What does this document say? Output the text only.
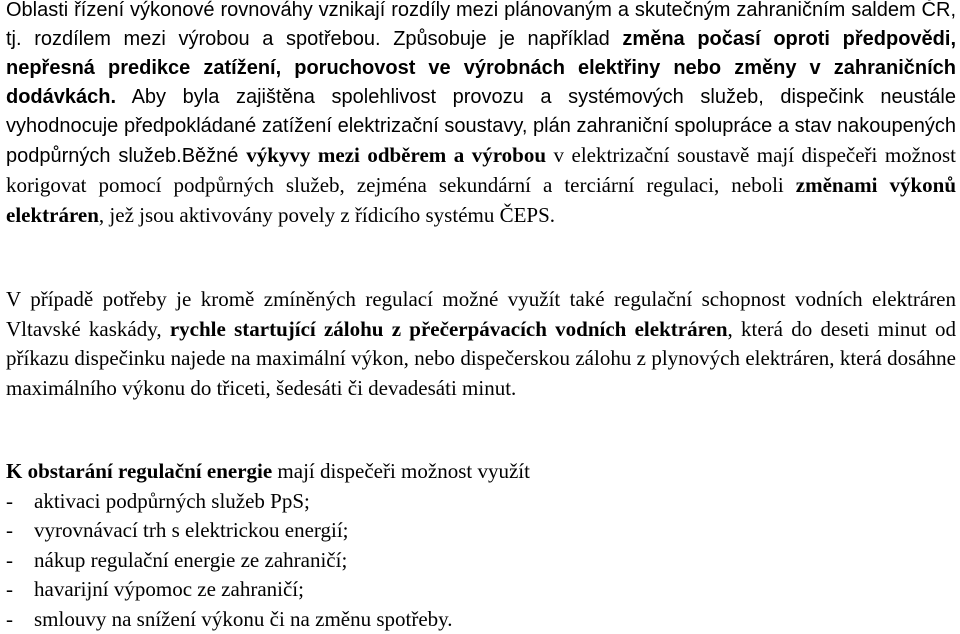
Oblasti řízení výkonové rovnováhy vznikají rozdíly mezi plánovaným a skutečným zahraničním saldem ČR, tj. rozdílem mezi výrobou a spotřebou. Způsobuje je například změna počasí oproti předpovědi, nepřesná predikce zatížení, poruchovost ve výrobnách elektřiny nebo změny v zahraničních dodávkách. Aby byla zajištěna spolehlivost provozu a systémových služeb, dispečink neustále vyhodnocuje předpokládané zatížení elektrizační soustavy, plán zahraniční spolupráce a stav nakoupených podpůrných služeb.Běžné výkyvy mezi odběrem a výrobou v elektrizační soustavě mají dispečeři možnost korigovat pomocí podpůrných služeb, zejména sekundární a terciární regulaci, neboli změnami výkonů elektráren, jež jsou aktivovány povely z řídicího systému ČEPS.

V případě potřeby je kromě zmíněných regulací možné využít také regulační schopnost vodních elektráren Vltavské kaskády, rychle startující zálohu z přečerpávacích vodních elektráren, která do deseti minut od příkazu dispečinku najede na maximální výkon, nebo dispečerskou zálohu z plynových elektráren, která dosáhne maximálního výkonu do třiceti, šedesáti či devadesáti minut.

K obstarání regulační energie mají dispečeři možnost využít
- aktivaci podpůrných služeb PpS;
- vyrovnávací trh s elektrickou energií;
- nákup regulační energie ze zahraničí;
- havarijní výpomoc ze zahraničí;
- smlouvy na snížení výkonu či na změnu spotřeby.
